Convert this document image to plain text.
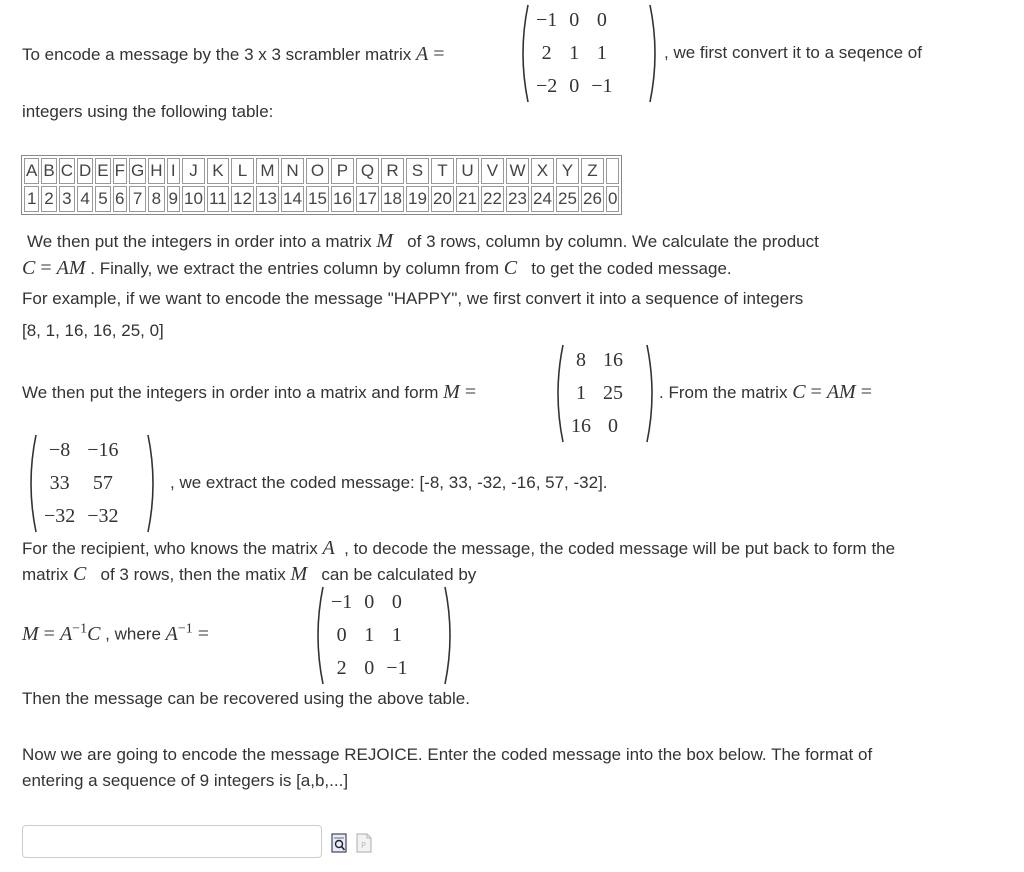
To encode a message by the 3 x 3 scrambler matrix A =
−1	0	0
2	1	1
−2	0	−1
, we first convert it to a seqence of
integers using the following table:
A	B	C	D	E	F	G	H	I	J	K	L	M	N	O	P	Q	R	S	T	U	V	W	X	Y	Z	
1	2	3	4	5	6	7	8	9	10	11	12	13	14	15	16	17	18	19	20	21	22	23	24	25	26	0
We then put the integers in order into a matrix M of 3 rows, column by column. We calculate the product
C = AM . Finally, we extract the entries column by column from C to get the coded message.
For example, if we want to encode the message "HAPPY", we first convert it into a sequence of integers
[8, 1, 16, 16, 25, 0]
We then put the integers in order into a matrix and form M =
8	16
1	25
16	0
. From the matrix C = AM =
−8	−16
33	57
−32	−32
, we extract the coded message: [-8, 33, -32, -16, 57, -32].
For the recipient, who knows the matrix A , to decode the message, the coded message will be put back to form the
matrix C of 3 rows, then the matix M can be calculated by
$M = A^{-1}C$ , where $A^{-1}$ =
−1	0	0
0	1	1
2	0	−1
Then the message can be recovered using the above table.
Now we are going to encode the message REJOICE. Enter the coded message into the box below. The format of
entering a sequence of 9 integers is [a,b,...]
P
